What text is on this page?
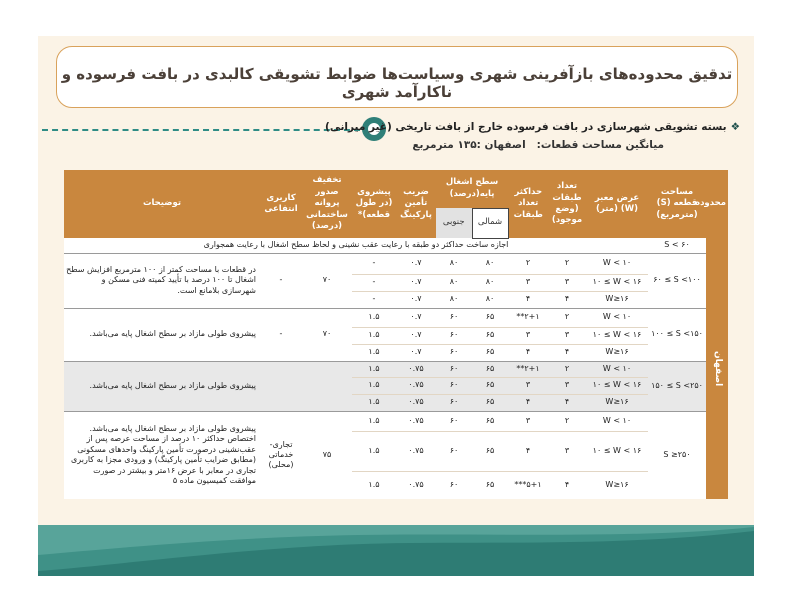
تدقیق محدوده‌های بازآفرینی شهری وسیاست‌ها ضوابط تشویقی کالبدی در بافت فرسوده و ناکارآمد شهری
❖بسته تشویقی شهرسازی در بافت فرسوده خارج از بافت تاریخی (غیر میرانی)
میانگین مساحت قطعات:   اصفهان :۱۳۵ مترمربع
محدوده	مساحت قطعه (S) (مترمربع)	عرض معبر (W) (متر)	تعداد طبقات (وضع موجود)	حداکثر تعداد طبقات	سطح اشغال پایه(درصد)		ضریب تأمین پارکینگ	پیشروی (در طول قطعه)*	تخفیف صدور پروانه ساختمانی (درصد)	کاربری انتفاعی	توضیحات
					شمالی	جنوبی					
اصفهان	S < ۶۰	اجازه ساخت حداکثر دو طبقه با رعایت عقب نشینی و لحاظ سطح اشغال با رعایت همجواری									
	۶۰ ≤ S <۱۰۰	W < ۱۰	۲	۲	۸۰	۸۰	۰.۷	-	۷۰	-	در قطعات با مساحت کمتر از ۱۰۰ مترمربع افزایش سطح اشغال تا ۱۰۰ درصد با تأیید کمیته فنی مسکن و شهرسازی بلامانع است.
		۱۰ ≤ W < ۱۶	۳	۳	۸۰	۸۰	۰.۷	-			
		W≥۱۶	۴	۴	۸۰	۸۰	۰.۷	-			
	۱۰۰ ≤ S <۱۵۰	W < ۱۰	۲	۲+۱**	۶۵	۶۰	۰.۷	۱.۵	۷۰	-	پیشروی طولی مازاد بر سطح اشغال پایه می‌باشد.
		۱۰ ≤ W < ۱۶	۳	۳	۶۵	۶۰	۰.۷	۱.۵			
		W≥۱۶	۴	۴	۶۵	۶۰	۰.۷	۱.۵			
	۱۵۰ ≤ S <۲۵۰	W < ۱۰	۲	۲+۱**	۶۵	۶۰	۰.۷۵	۱.۵			پیشروی طولی مازاد بر سطح اشغال پایه می‌باشد.
		۱۰ ≤ W < ۱۶	۳	۳	۶۵	۶۰	۰.۷۵	۱.۵			
		W≥۱۶	۴	۴	۶۵	۶۰	۰.۷۵	۱.۵			
	S ≥۲۵۰	W < ۱۰	۲	۳	۶۵	۶۰	۰.۷۵	۱.۵	۷۵	تجاری- خدماتی (محلی)	پیشروی طولی مازاد بر سطح اشغال پایه می‌باشد. اختصاص حداکثر ۱۰ درصد از مساحت عرصه پس از عقب‌نشینی درصورت تأمین پارکینگ واحدهای مسکونی (مطابق ضرایب تأمین پارکینگ) و ورودی مجزا به کاربری تجاری در معابر با عرض ۱۶متر و بیشتر در صورت موافقت کمیسیون ماده ۵
		۱۰ ≤ W < ۱۶	۳	۴	۶۵	۶۰	۰.۷۵	۱.۵			
		W≥۱۶	۴	۵+۱***	۶۵	۶۰	۰.۷۵	۱.۵			
